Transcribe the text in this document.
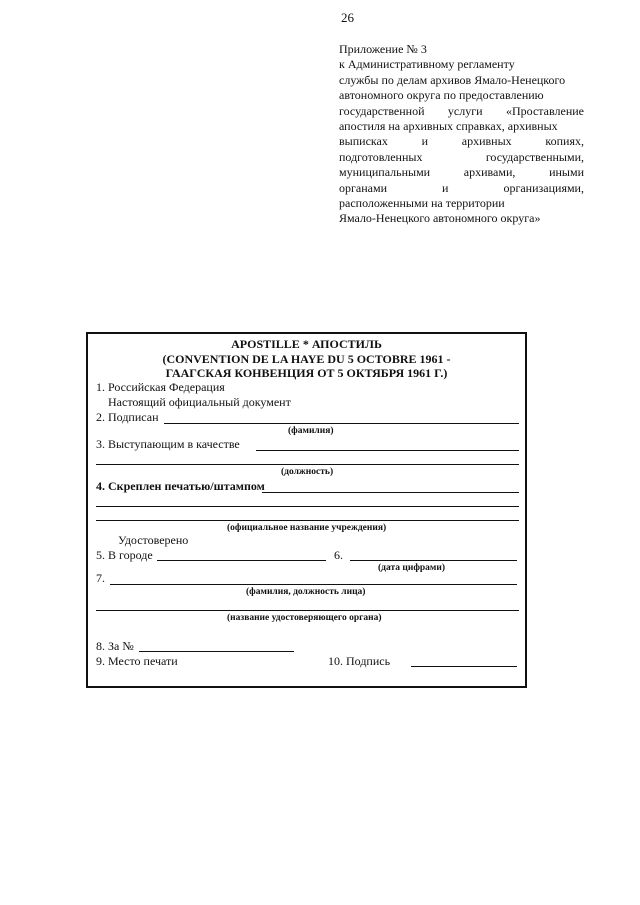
26
Приложение № 3
к Административному регламенту
службы по делам архивов Ямало-Ненецкого
автономного округа по предоставлению
государственной услуги «Проставление
апостиля на архивных справках, архивных
выписках	и	архивных	копиях,
подготовленных	государственными,
муниципальными	архивами,	иными
органами	и	организациями,
расположенными на территории
Ямало-Ненецкого автономного округа»
APOSTILLE * АПОСТИЛЬ
(CONVENTION DE LA HAYE DU 5 OCTOBRE 1961 -
ГААГСКАЯ КОНВЕНЦИЯ ОТ 5 ОКТЯБРЯ 1961 Г.)
1. Российская Федерация
Настоящий официальный документ
2. Подписан
(фамилия)
3. Выступающим в качестве
(должность)
4. Скреплен печатью/штампом
(официальное название учреждения)
Удостоверено
5. В городе	6.
(дата цифрами)
7.
(фамилия, должность лица)
(название удостоверяющего органа)
8. За №
9. Место печати	10. Подпись
